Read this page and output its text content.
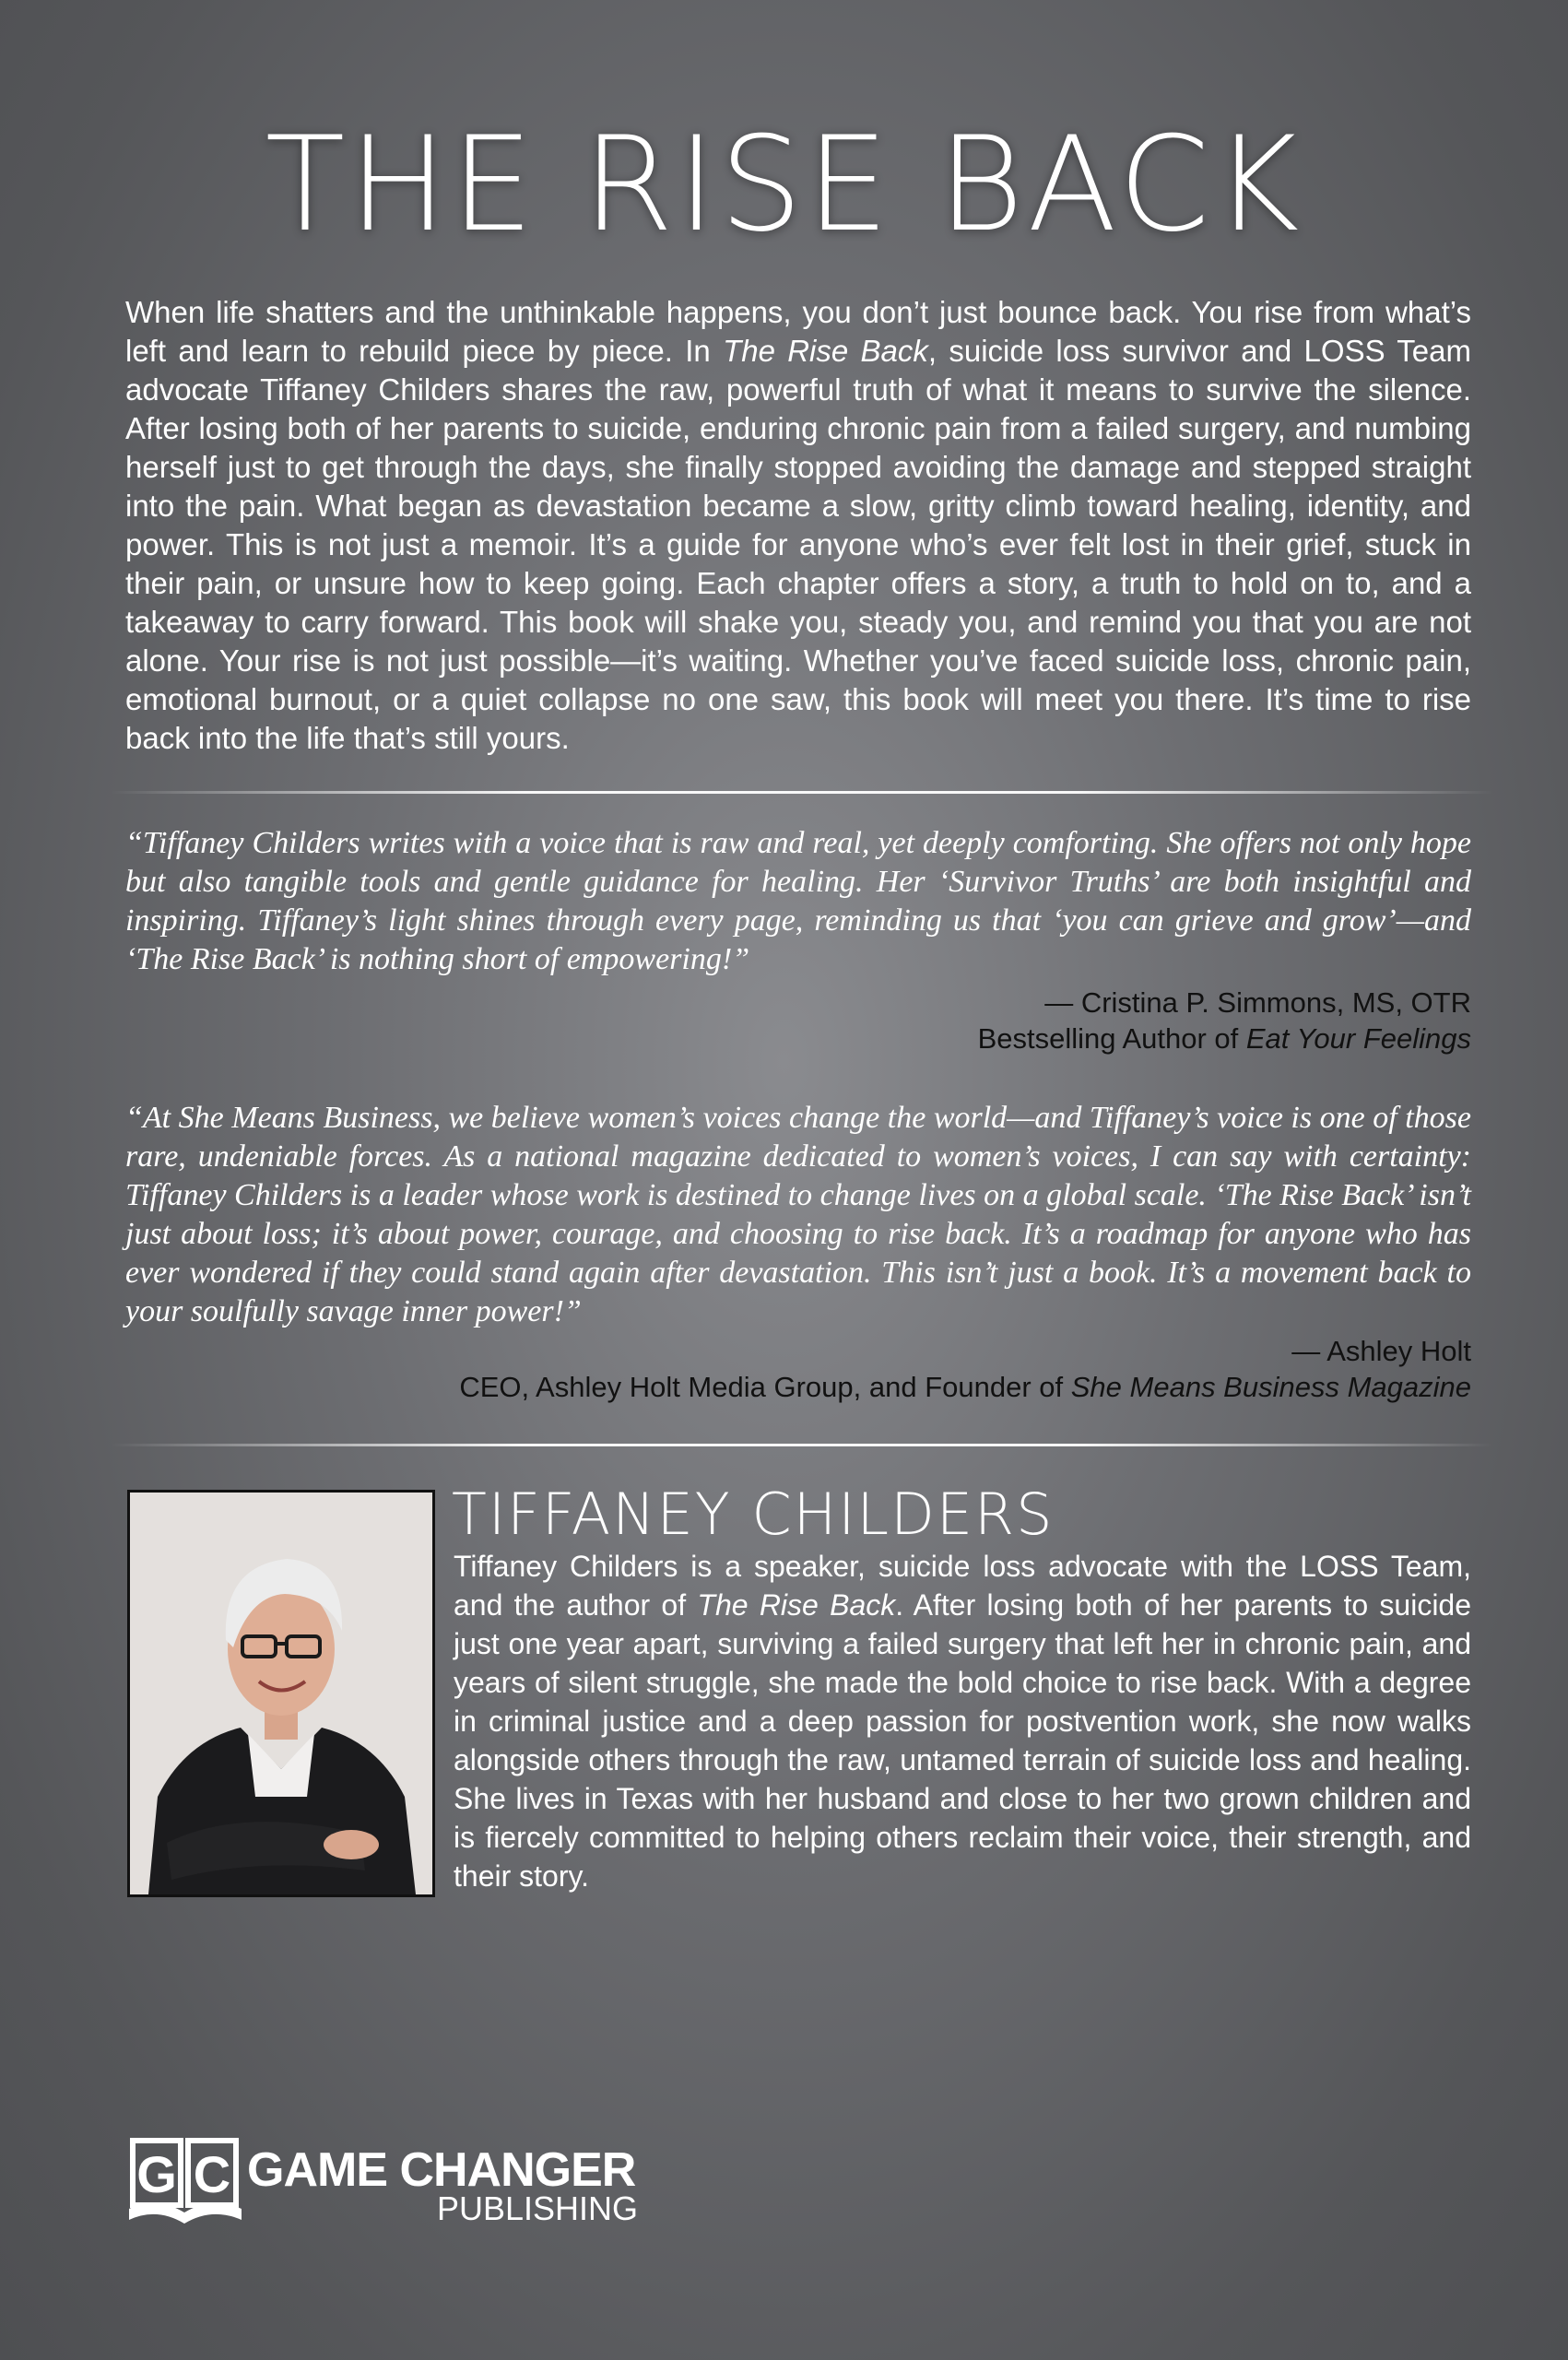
THE RISE BACK
When life shatters and the unthinkable happens, you don’t just bounce back. You rise from what’s left and learn to rebuild piece by piece. In The Rise Back, suicide loss survivor and LOSS Team advocate Tiffaney Childers shares the raw, powerful truth of what it means to survive the silence. After losing both of her parents to suicide, enduring chronic pain from a failed surgery, and numbing herself just to get through the days, she finally stopped avoiding the damage and stepped straight into the pain. What began as devastation became a slow, gritty climb toward healing, identity, and power. This is not just a memoir. It’s a guide for anyone who’s ever felt lost in their grief, stuck in their pain, or unsure how to keep going. Each chapter offers a story, a truth to hold on to, and a takeaway to carry forward. This book will shake you, steady you, and remind you that you are not alone. Your rise is not just possible—it’s waiting. Whether you’ve faced suicide loss, chronic pain, emotional burnout, or a quiet collapse no one saw, this book will meet you there. It’s time to rise back into the life that’s still yours.
“Tiffaney Childers writes with a voice that is raw and real, yet deeply comforting. She offers not only hope but also tangible tools and gentle guidance for healing. Her ‘Survivor Truths’ are both insightful and inspiring. Tiffaney’s light shines through every page, reminding us that ‘you can grieve and grow’—and ‘The Rise Back’ is nothing short of empowering!”
— Cristina P. Simmons, MS, OTR
Bestselling Author of Eat Your Feelings
“At She Means Business, we believe women’s voices change the world—and Tiffaney’s voice is one of those rare, undeniable forces. As a national magazine dedicated to women’s voices, I can say with certainty: Tiffaney Childers is a leader whose work is destined to change lives on a global scale. ‘The Rise Back’ isn’t just about loss; it’s about power, courage, and choosing to rise back. It’s a roadmap for anyone who has ever wondered if they could stand again after devastation. This isn’t just a book. It’s a movement back to your soulfully savage inner power!”
— Ashley Holt
CEO, Ashley Holt Media Group, and Founder of She Means Business Magazine
TIFFANEY CHILDERS
Tiffaney Childers is a speaker, suicide loss advocate with the LOSS Team, and the author of The Rise Back. After losing both of her parents to suicide just one year apart, surviving a failed surgery that left her in chronic pain, and years of silent struggle, she made the bold choice to rise back. With a degree in criminal justice and a deep passion for postvention work, she now walks alongside others through the raw, untamed terrain of suicide loss and healing. She lives in Texas with her husband and close to her two grown children and is fiercely committed to helping others reclaim their voice, their strength, and their story.
G C GAME CHANGER
PUBLISHING
